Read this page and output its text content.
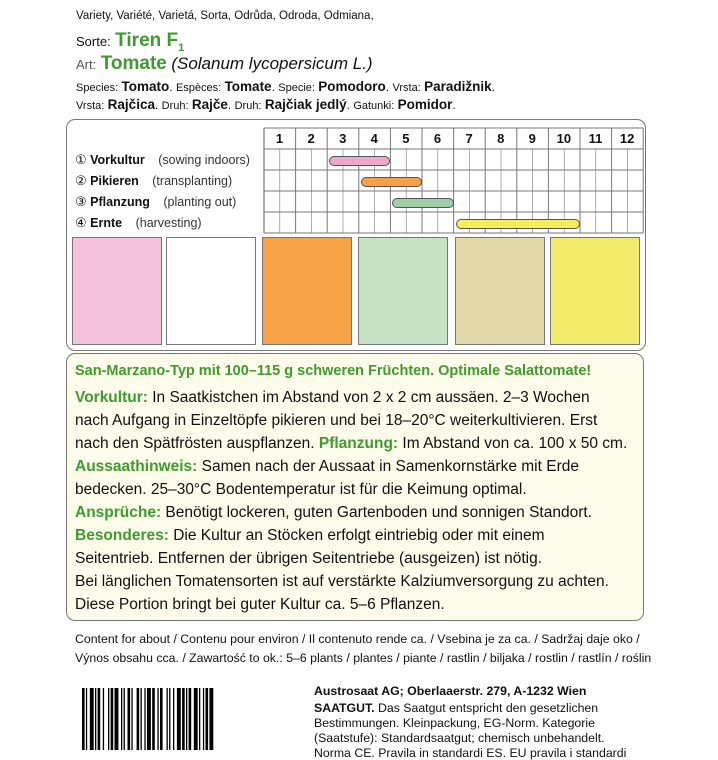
Variety, Variété, Varietá, Sorta, Odrůda, Odroda, Odmiana,
Sorte: Tiren $F_1$
Art: Tomate (Solanum lycopersicum L.)
Species: Tomato. Espèces: Tomate. Specie: Pomodoro. Vrsta: Paradižnik.
Vrsta: Rajčica. Druh: Rajče. Druh: Rajčiak jedlý. Gatunki: Pomidor.
1	2	3	4	5	6	7	8	9	10	11	12
① Vorkultur (sowing indoors)
② Pikieren (transplanting)
③ Pflanzung (planting out)
④ Ernte (harvesting)
San-Marzano-Typ mit 100–115 g schweren Früchten. Optimale Salattomate!
Vorkultur: In Saatkistchen im Abstand von 2 x 2 cm aussäen. 2–3 Wochen
nach Aufgang in Einzeltöpfe pikieren und bei 18–20°C weiterkultivieren. Erst
nach den Spätfrösten auspflanzen. Pflanzung: Im Abstand von ca. 100 x 50 cm.
Aussaathinweis: Samen nach der Aussaat in Samenkornstärke mit Erde
bedecken. 25–30°C Bodentemperatur ist für die Keimung optimal.
Ansprüche: Benötigt lockeren, guten Gartenboden und sonnigen Standort.
Besonderes: Die Kultur an Stöcken erfolgt eintriebig oder mit einem
Seitentrieb. Entfernen der übrigen Seitentriebe (ausgeizen) ist nötig.
Bei länglichen Tomatensorten ist auf verstärkte Kalziumversorgung zu achten.
Diese Portion bringt bei guter Kultur ca. 5–6 Pflanzen.
Content for about / Contenu pour environ / Il contenuto rende ca. / Vsebina je za ca. / Sadržaj daje oko /
Výnos obsahu cca. / Zawartość to ok.: 5–6 plants / plantes / piante / rastlin / biljaka / rostlin / rastlín / roślin
Austrosaat AG; Oberlaaerstr. 279, A-1232 Wien
SAATGUT. Das Saatgut entspricht den gesetzlichen
Bestimmungen. Kleinpackung, EG-Norm. Kategorie
(Saatstufe): Standardsaatgut; chemisch unbehandelt.
Norma CE. Pravila in standardi ES. EU pravila i standardi
